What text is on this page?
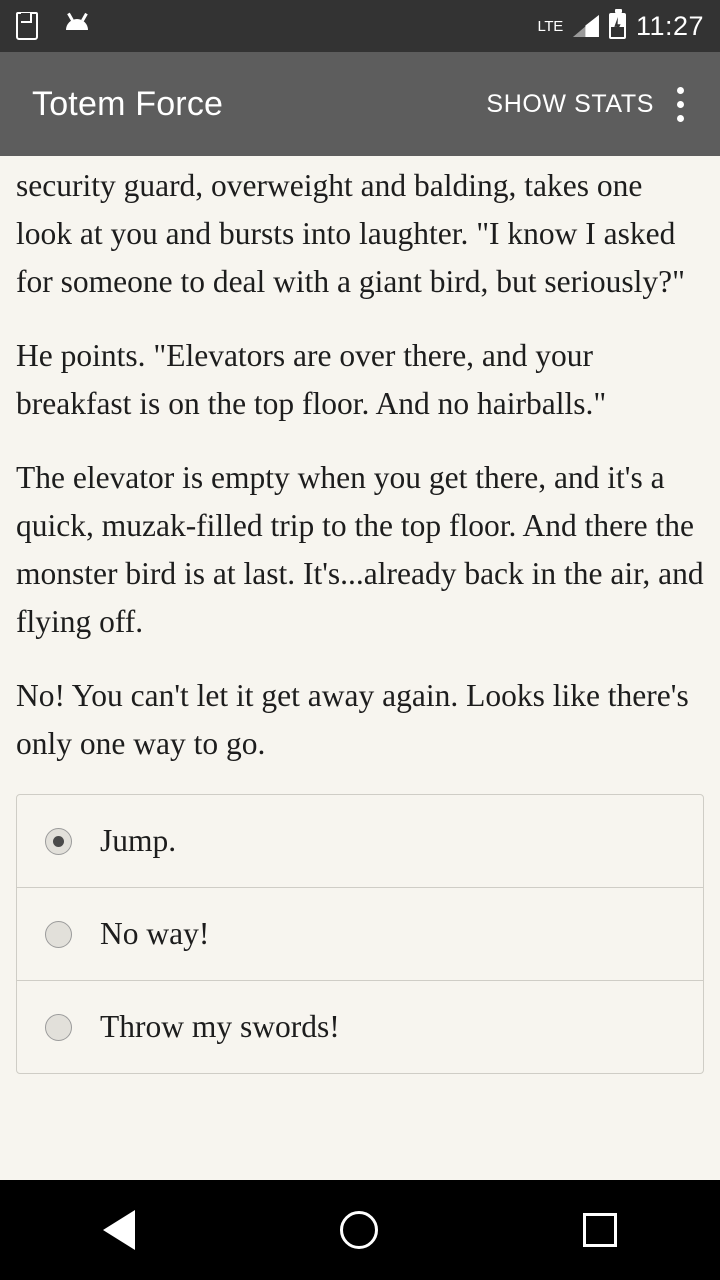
LTE	11:27
Totem Force	SHOW STATS

security guard, overweight and balding, takes one look at you and bursts into laughter. "I know I asked for someone to deal with a giant bird, but seriously?"

He points. "Elevators are over there, and your breakfast is on the top floor. And no hairballs."

The elevator is empty when you get there, and it's a quick, muzak-filled trip to the top floor. And there the monster bird is at last. It's...already back in the air, and flying off.

No! You can't let it get away again. Looks like there's only one way to go.

Jump.
No way!
Throw my swords!
